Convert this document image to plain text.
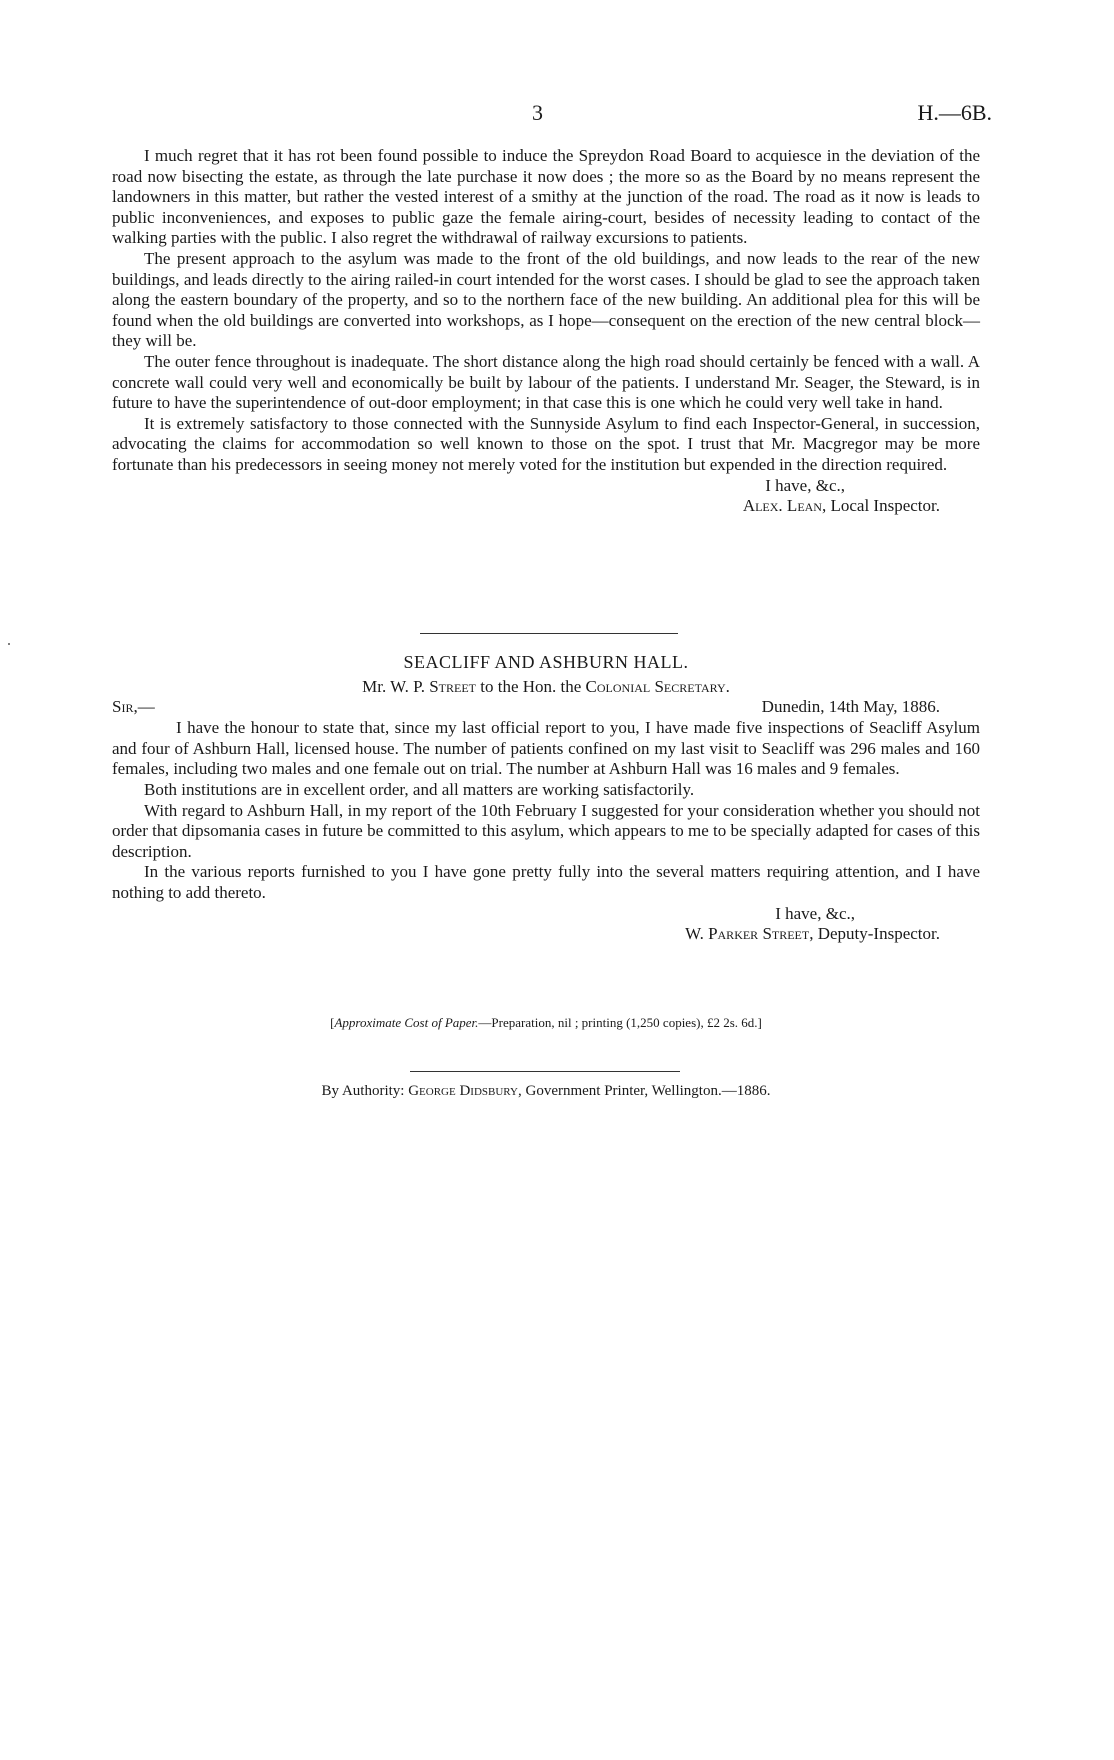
3	H.—6B.

I much regret that it has rot been found possible to induce the Spreydon Road Board to acquiesce in the deviation of the road now bisecting the estate, as through the late purchase it now does ; the more so as the Board by no means represent the landowners in this matter, but rather the vested interest of a smithy at the junction of the road. The road as it now is leads to public inconveniences, and exposes to public gaze the female airing-court, besides of necessity leading to contact of the walking parties with the public. I also regret the withdrawal of railway excursions to patients.

The present approach to the asylum was made to the front of the old buildings, and now leads to the rear of the new buildings, and leads directly to the airing railed-in court intended for the worst cases. I should be glad to see the approach taken along the eastern boundary of the property, and so to the northern face of the new building. An additional plea for this will be found when the old buildings are converted into workshops, as I hope—consequent on the erection of the new central block—they will be.

The outer fence throughout is inadequate. The short distance along the high road should certainly be fenced with a wall. A concrete wall could very well and economically be built by labour of the patients. I understand Mr. Seager, the Steward, is in future to have the superintendence of out-door employment; in that case this is one which he could very well take in hand.

It is extremely satisfactory to those connected with the Sunnyside Asylum to find each Inspector-General, in succession, advocating the claims for accommodation so well known to those on the spot. I trust that Mr. Macgregor may be more fortunate than his predecessors in seeing money not merely voted for the institution but expended in the direction required.

I have, &c.,
Alex. Lean, Local Inspector.
SEACLIFF AND ASHBURN HALL.
Mr. W. P. Street to the Hon. the Colonial Secretary.
Sir,—	Dunedin, 14th May, 1886.

I have the honour to state that, since my last official report to you, I have made five inspections of Seacliff Asylum and four of Ashburn Hall, licensed house. The number of patients confined on my last visit to Seacliff was 296 males and 160 females, including two males and one female out on trial. The number at Ashburn Hall was 16 males and 9 females.

Both institutions are in excellent order, and all matters are working satisfactorily.

With regard to Ashburn Hall, in my report of the 10th February I suggested for your consideration whether you should not order that dipsomania cases in future be committed to this asylum, which appears to me to be specially adapted for cases of this description.

In the various reports furnished to you I have gone pretty fully into the several matters requiring attention, and I have nothing to add thereto.

I have, &c.,
W. Parker Street, Deputy-Inspector.
[Approximate Cost of Paper.—Preparation, nil ; printing (1,250 copies), £2 2s. 6d.]
By Authority: George Didsbury, Government Printer, Wellington.—1886.
